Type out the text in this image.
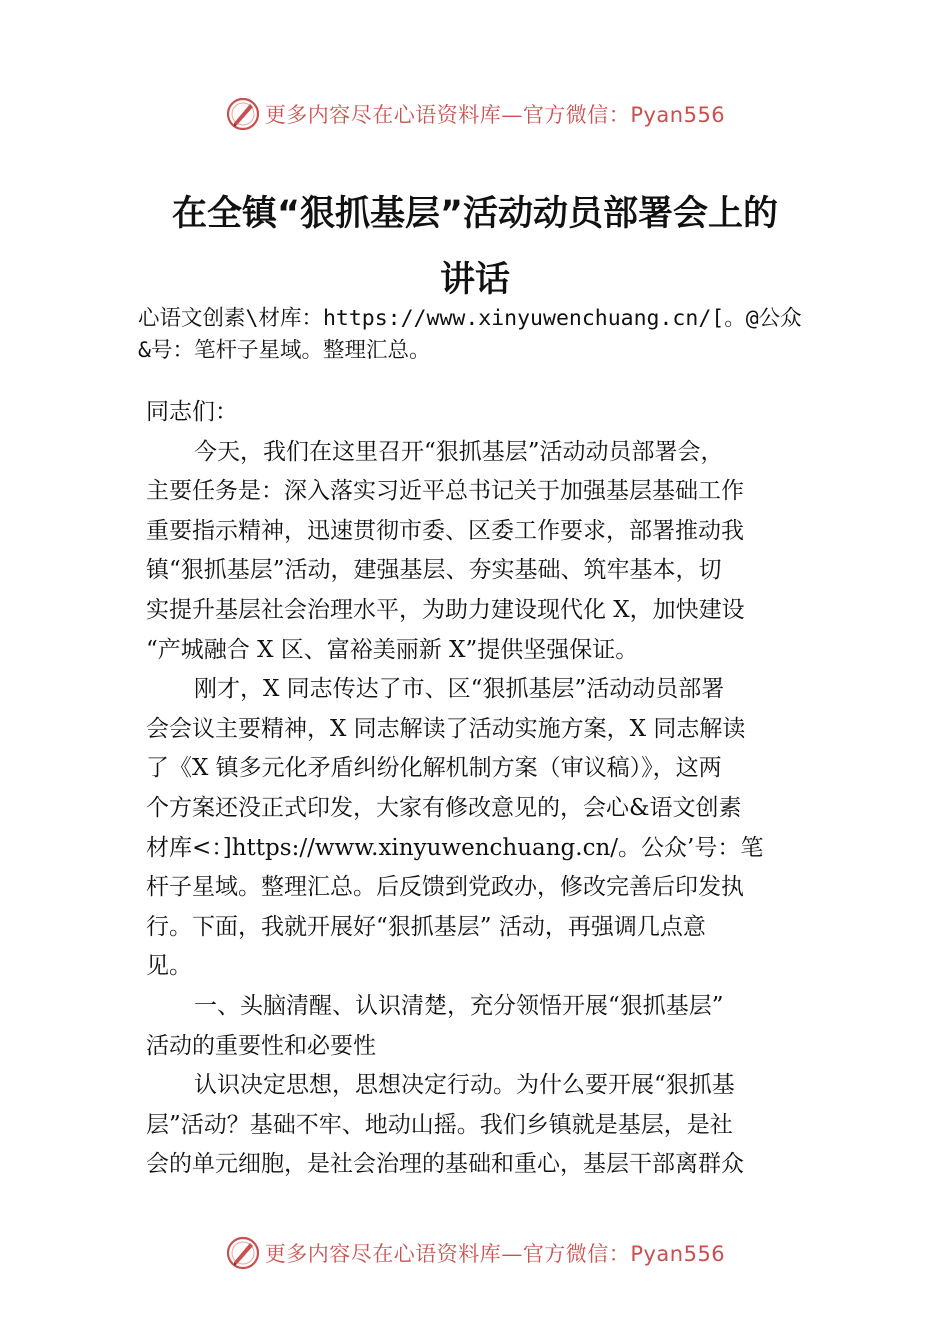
更多内容尽在心语资料库—官方微信：Pyan556
在全镇“狠抓基层”活动动员部署会上的
讲话
心语文创素\材库：https://www.xinyuwenchuang.cn/[。@公众
&号：笔杆子星域。整理汇总。
同志们：
今天，我们在这里召开“狠抓基层”活动动员部署会，
主要任务是：深入落实习近平总书记关于加强基层基础工作
重要指示精神，迅速贯彻市委、区委工作要求，部署推动我
镇“狠抓基层”活动，建强基层、夯实基础、筑牢基本，切
实提升基层社会治理水平，为助力建设现代化 X，加快建设
“产城融合 X 区、富裕美丽新 X”提供坚强保证。
刚才，X 同志传达了市、区“狠抓基层”活动动员部署
会会议主要精神，X 同志解读了活动实施方案，X 同志解读
了《X 镇多元化矛盾纠纷化解机制方案（审议稿）》，这两
个方案还没正式印发，大家有修改意见的，会心&语文创素
材库<：]https://www.xinyuwenchuang.cn/。公众’号：笔
杆子星域。整理汇总。后反馈到党政办，修改完善后印发执
行。下面，我就开展好“狠抓基层” 活动，再强调几点意
见。
一、头脑清醒、认识清楚，充分领悟开展“狠抓基层”
活动的重要性和必要性
认识决定思想，思想决定行动。为什么要开展“狠抓基
层”活动？基础不牢、地动山摇。我们乡镇就是基层，是社
会的单元细胞，是社会治理的基础和重心，基层干部离群众
更多内容尽在心语资料库—官方微信：Pyan556
